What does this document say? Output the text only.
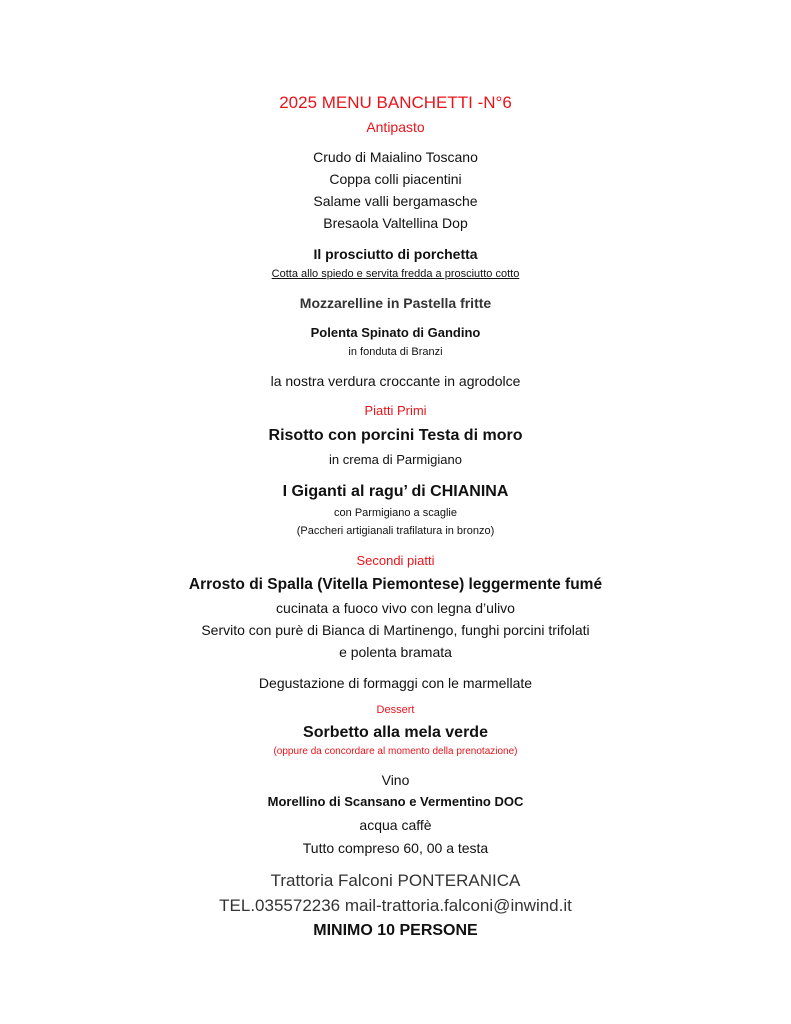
2025 MENU BANCHETTI -N°6
Antipasto
Crudo di Maialino Toscano
Coppa colli piacentini
Salame valli bergamasche
Bresaola Valtellina Dop
Il prosciutto di porchetta
Cotta allo spiedo e servita fredda a prosciutto cotto
Mozzarelline in Pastella fritte
Polenta Spinato di Gandino
in fonduta di Branzi
la nostra verdura croccante in agrodolce
Piatti Primi
Risotto con porcini Testa di moro
in crema di Parmigiano
I Giganti al ragu’ di CHIANINA
con Parmigiano a scaglie
(Paccheri artigianali trafilatura in bronzo)
Secondi piatti
Arrosto di Spalla (Vitella Piemontese) leggermente fumé
cucinata a fuoco vivo con legna d’ulivo
Servito con purè di Bianca di Martinengo, funghi porcini trifolati
e polenta bramata
Degustazione di formaggi con le marmellate
Dessert
Sorbetto alla mela verde
(oppure da concordare al momento della prenotazione)
Vino
Morellino di Scansano e Vermentino DOC
acqua caffè
Tutto compreso 60, 00 a testa
Trattoria Falconi PONTERANICA
TEL.035572236 mail-trattoria.falconi@inwind.it
MINIMO 10 PERSONE
